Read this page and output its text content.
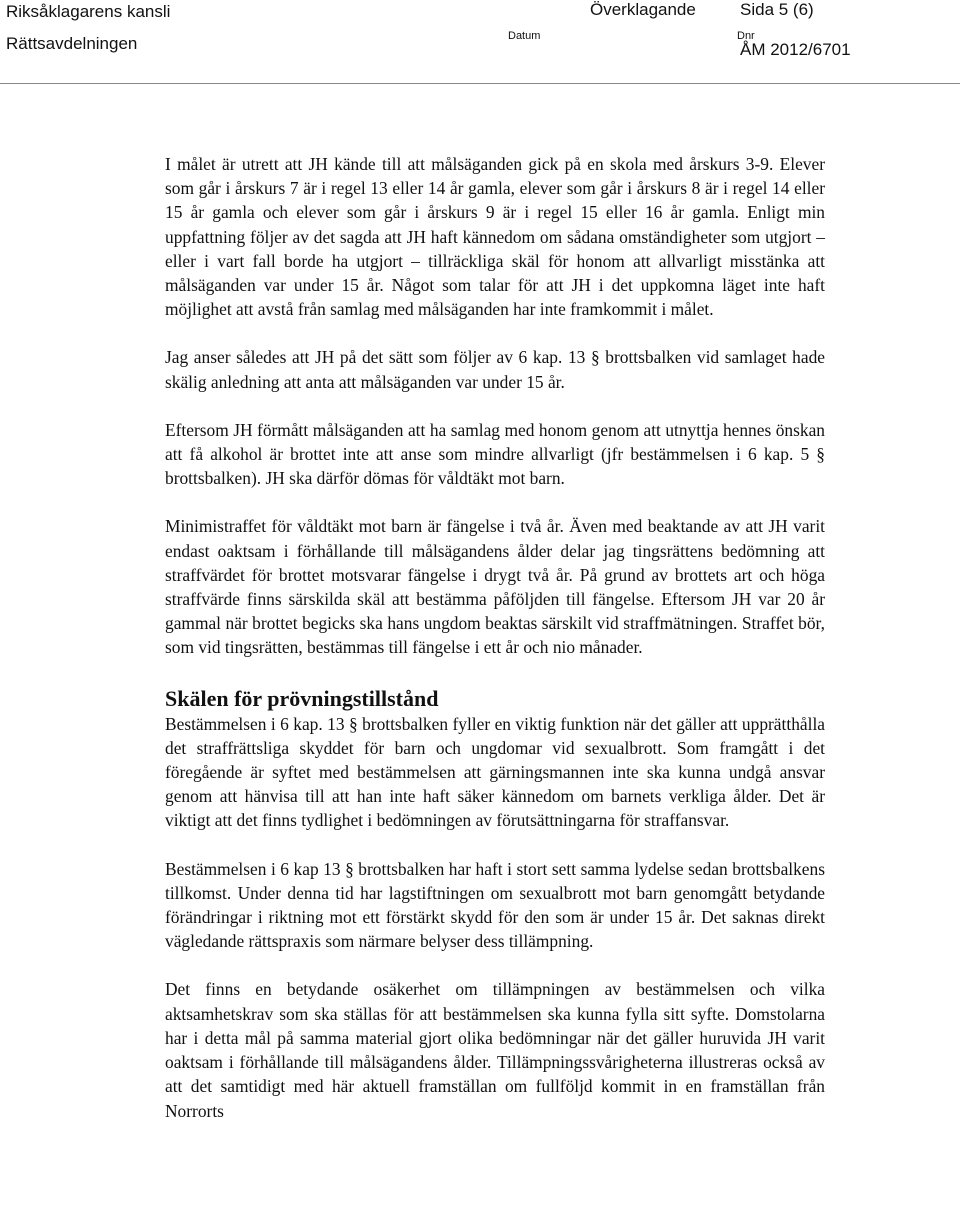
Riksåklagarens kansli
Rättsavdelningen
Överklagande	Sida 5 (6)
Datum	Dnr
ÅM 2012/6701

I målet är utrett att JH kände till att målsäganden gick på en skola med årskurs 3-9. Elever som går i årskurs 7 är i regel 13 eller 14 år gamla, elever som går i årskurs 8 är i regel 14 eller 15 år gamla och elever som går i årskurs 9 är i regel 15 eller 16 år gamla. Enligt min uppfattning följer av det sagda att JH haft kännedom om sådana omständigheter som utgjort – eller i vart fall borde ha utgjort – tillräckliga skäl för honom att allvarligt misstänka att målsäganden var under 15 år. Något som talar för att JH i det uppkomna läget inte haft möjlighet att avstå från samlag med målsäganden har inte framkommit i målet.

Jag anser således att JH på det sätt som följer av 6 kap. 13 § brottsbalken vid samlaget hade skälig anledning att anta att målsäganden var under 15 år.

Eftersom JH förmått målsäganden att ha samlag med honom genom att utnyttja hennes önskan att få alkohol är brottet inte att anse som mindre allvarligt (jfr bestämmelsen i 6 kap. 5 § brottsbalken). JH ska därför dömas för våldtäkt mot barn.

Minimistraffet för våldtäkt mot barn är fängelse i två år. Även med beaktande av att JH varit endast oaktsam i förhållande till målsägandens ålder delar jag tingsrättens bedömning att straffvärdet för brottet motsvarar fängelse i drygt två år. På grund av brottets art och höga straffvärde finns särskilda skäl att bestämma påföljden till fängelse. Eftersom JH var 20 år gammal när brottet begicks ska hans ungdom beaktas särskilt vid straffmätningen. Straffet bör, som vid tingsrätten, bestämmas till fängelse i ett år och nio månader.

Skälen för prövningstillstånd

Bestämmelsen i 6 kap. 13 § brottsbalken fyller en viktig funktion när det gäller att upprätthålla det straffrättsliga skyddet för barn och ungdomar vid sexualbrott. Som framgått i det föregående är syftet med bestämmelsen att gärningsmannen inte ska kunna undgå ansvar genom att hänvisa till att han inte haft säker kännedom om barnets verkliga ålder. Det är viktigt att det finns tydlighet i bedömningen av förutsättningarna för straffansvar.

Bestämmelsen i 6 kap 13 § brottsbalken har haft i stort sett samma lydelse sedan brottsbalkens tillkomst. Under denna tid har lagstiftningen om sexualbrott mot barn genomgått betydande förändringar i riktning mot ett förstärkt skydd för den som är under 15 år. Det saknas direkt vägledande rättspraxis som närmare belyser dess tillämpning.

Det finns en betydande osäkerhet om tillämpningen av bestämmelsen och vilka aktsamhetskrav som ska ställas för att bestämmelsen ska kunna fylla sitt syfte. Domstolarna har i detta mål på samma material gjort olika bedömningar när det gäller huruvida JH varit oaktsam i förhållande till målsägandens ålder. Tillämpningssvårigheterna illustreras också av att det samtidigt med här aktuell framställan om fullföljd kommit in en framställan från Norrorts
